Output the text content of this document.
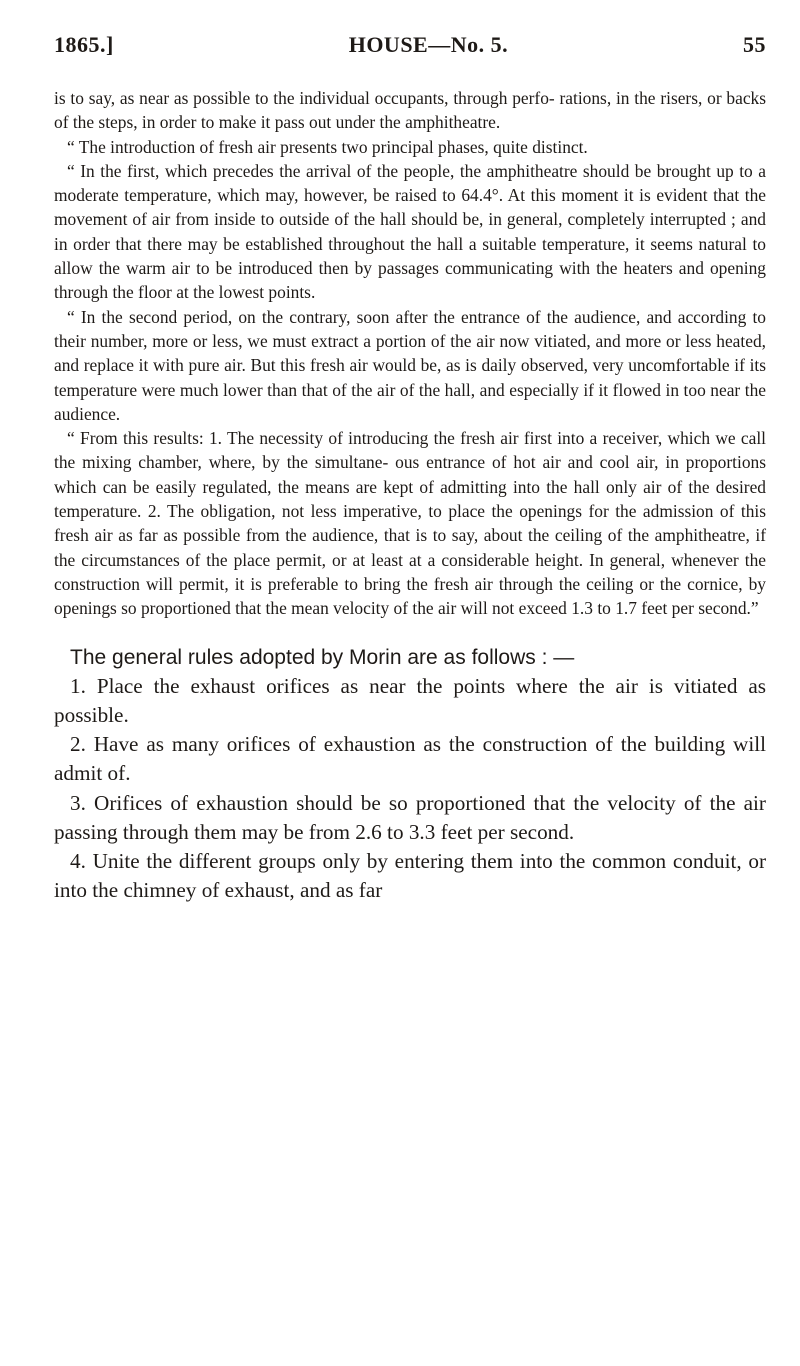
1865.]	HOUSE—No. 5.	55

is to say, as near as possible to the individual occupants, through perfo- rations, in the risers, or backs of the steps, in order to make it pass out under the amphitheatre.

“ The introduction of fresh air presents two principal phases, quite distinct.

“ In the first, which precedes the arrival of the people, the amphitheatre should be brought up to a moderate temperature, which may, however, be raised to 64.4°. At this moment it is evident that the movement of air from inside to outside of the hall should be, in general, completely interrupted ; and in order that there may be established throughout the hall a suitable temperature, it seems natural to allow the warm air to be introduced then by passages communicating with the heaters and opening through the floor at the lowest points.

“ In the second period, on the contrary, soon after the entrance of the audience, and according to their number, more or less, we must extract a portion of the air now vitiated, and more or less heated, and replace it with pure air. But this fresh air would be, as is daily observed, very uncomfortable if its temperature were much lower than that of the air of the hall, and especially if it flowed in too near the audience.

“ From this results: 1. The necessity of introducing the fresh air first into a receiver, which we call the mixing chamber, where, by the simultane- ous entrance of hot air and cool air, in proportions which can be easily regulated, the means are kept of admitting into the hall only air of the desired temperature. 2. The obligation, not less imperative, to place the openings for the admission of this fresh air as far as possible from the audience, that is to say, about the ceiling of the amphitheatre, if the circumstances of the place permit, or at least at a considerable height. In general, whenever the construction will permit, it is preferable to bring the fresh air through the ceiling or the cornice, by openings so proportioned that the mean velocity of the air will not exceed 1.3 to 1.7 feet per second.”

The general rules adopted by Morin are as follows : —

1. Place the exhaust orifices as near the points where the air is vitiated as possible.

2. Have as many orifices of exhaustion as the construction of the building will admit of.

3. Orifices of exhaustion should be so proportioned that the velocity of the air passing through them may be from 2.6 to 3.3 feet per second.

4. Unite the different groups only by entering them into the common conduit, or into the chimney of exhaust, and as far
